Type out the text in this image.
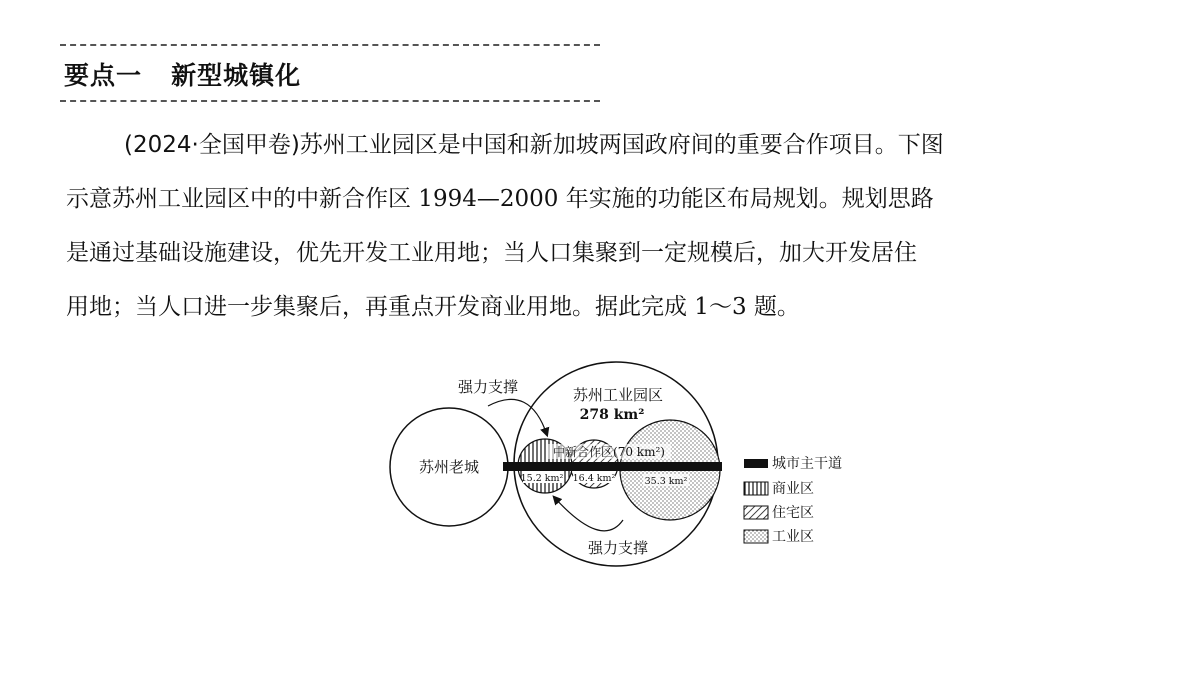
要点一 新型城镇化
(2024·全国甲卷)苏州工业园区是中国和新加坡两国政府间的重要合作项目。下图
示意苏州工业园区中的中新合作区 1994—2000 年实施的功能区布局规划。规划思路
是通过基础设施建设，优先开发工业用地；当人口集聚到一定规模后，加大开发居住
用地；当人口进一步集聚后，再重点开发商业用地。据此完成 1～3 题。
苏州老城
苏州工业园区
278 km²
强力支撑
强力支撑
中新合作区(70 km²)
15.2 km² 16.4 km²	35.3 km²
城市主干道
商业区
住宅区
工业区
